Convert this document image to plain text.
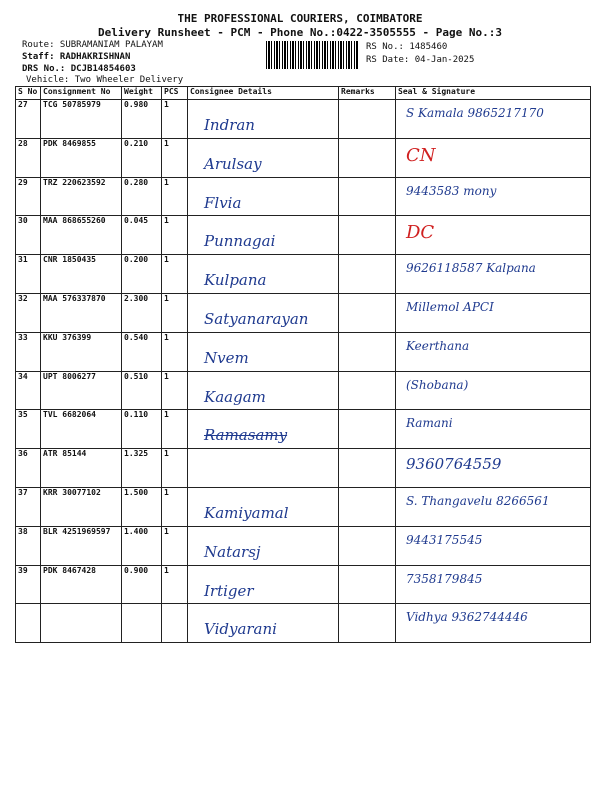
THE PROFESSIONAL COURIERS, COIMBATORE
Delivery Runsheet - PCM - Phone No.:0422-3505555 - Page No.:3
Route: SUBRAMANIAM PALAYAM
Staff: RADHAKRISHNAN
DRS No.: DCJB14854603
Vehicle: Two Wheeler Delivery
RS No.: 1485460
RS Date: 04-Jan-2025
S No	Consignment No	Weight	PCS	Consignee Details	Remarks	Seal & Signature
27	TCG 50785979	0.980	1	Indran		S Kamala 9865217170

28	PDK 8469855	0.210	1	Arulsay		CN

29	TRZ 220623592	0.280	1	Flvia		9443583 mony

30	MAA 868655260	0.045	1	Punnagai		DC

31	CNR 1850435	0.200	1	Kulpana		9626118587 Kalpana

32	MAA 576337870	2.300	1	Satyanarayan		Millemol APCI

33	KKU 376399	0.540	1	Nvem		Keerthana

34	UPT 8006277	0.510	1	Kaagam		(Shobana)

35	TVL 6682064	0.110	1	Ramasamy		Ramani

36	ATR 85144	1.325	1			9360764559

37	KRR 30077102	1.500	1	Kamiyamal		S. Thangavelu 8266561

38	BLR 4251969597	1.400	1	Natarsj		9443175545

39	PDK 8467428	0.900	1	Irtiger		7358179845

				Vidyarani		Vidhya 9362744446
